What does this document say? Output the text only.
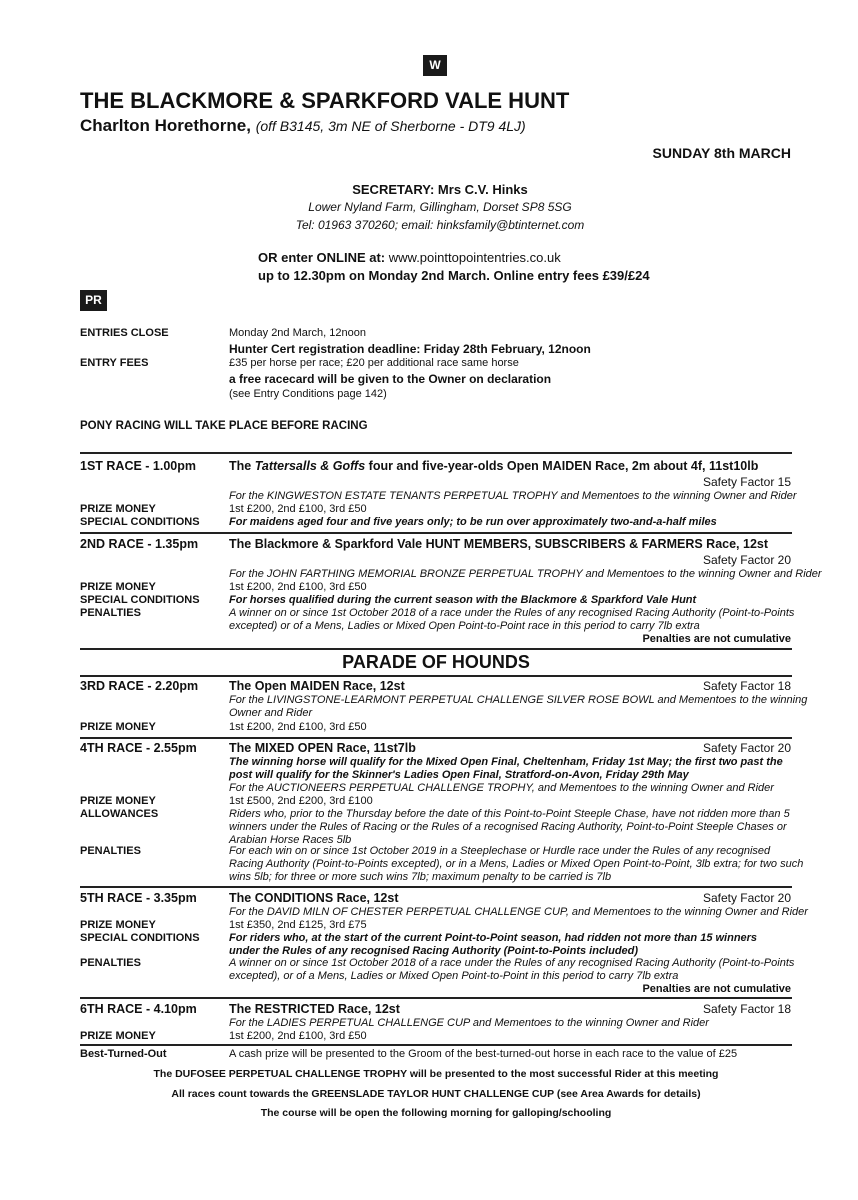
W
THE BLACKMORE & SPARKFORD VALE HUNT
Charlton Horethorne, (off B3145, 3m NE of Sherborne - DT9 4LJ)
SUNDAY 8th MARCH
SECRETARY: Mrs C.V. Hinks
Lower Nyland Farm, Gillingham, Dorset SP8 5SG
Tel: 01963 370260; email: hinksfamily@btinternet.com
OR enter ONLINE at: www.pointtopointentries.co.uk
up to 12.30pm on Monday 2nd March. Online entry fees £39/£24
PR
ENTRIES CLOSE	Monday 2nd March, 12noon
Hunter Cert registration deadline: Friday 28th February, 12noon
ENTRY FEES	£35 per horse per race; £20 per additional race same horse
a free racecard will be given to the Owner on declaration
(see Entry Conditions page 142)
PONY RACING WILL TAKE PLACE BEFORE RACING
1ST RACE - 1.00pm	The Tattersalls & Goffs four and five-year-olds Open MAIDEN Race, 2m about 4f, 11st10lb
Safety Factor 15
For the KINGWESTON ESTATE TENANTS PERPETUAL TROPHY and Mementoes to the winning Owner and Rider
PRIZE MONEY	1st £200, 2nd £100, 3rd £50
SPECIAL CONDITIONS	For maidens aged four and five years only; to be run over approximately two-and-a-half miles
2ND RACE - 1.35pm The Blackmore & Sparkford Vale HUNT MEMBERS, SUBSCRIBERS & FARMERS Race, 12st
Safety Factor 20
For the JOHN FARTHING MEMORIAL BRONZE PERPETUAL TROPHY and Mementoes to the winning Owner and Rider
PRIZE MONEY	1st £200, 2nd £100, 3rd £50
SPECIAL CONDITIONS	For horses qualified during the current season with the Blackmore & Sparkford Vale Hunt
PENALTIES	A winner on or since 1st October 2018 of a race under the Rules of any recognised Racing Authority (Point-to-Points
excepted) or of a Mens, Ladies or Mixed Open Point-to-Point race in this period to carry 7lb extra
Penalties are not cumulative
PARADE OF HOUNDS
3RD RACE - 2.20pm The Open MAIDEN Race, 12st	Safety Factor 18
For the LIVINGSTONE-LEARMONT PERPETUAL CHALLENGE SILVER ROSE BOWL and Mementoes to the winning
Owner and Rider
PRIZE MONEY	1st £200, 2nd £100, 3rd £50
4TH RACE - 2.55pm	The MIXED OPEN Race, 11st7lb	Safety Factor 20
The winning horse will qualify for the Mixed Open Final, Cheltenham, Friday 1st May; the first two past the
post will qualify for the Skinner's Ladies Open Final, Stratford-on-Avon, Friday 29th May
For the AUCTIONEERS PERPETUAL CHALLENGE TROPHY, and Mementoes to the winning Owner and Rider
PRIZE MONEY	1st £500, 2nd £200, 3rd £100
ALLOWANCES	Riders who, prior to the Thursday before the date of this Point-to-Point Steeple Chase, have not ridden more than 5
winners under the Rules of Racing or the Rules of a recognised Racing Authority, Point-to-Point Steeple Chases or
Arabian Horse Races 5lb
PENALTIES	For each win on or since 1st October 2019 in a Steeplechase or Hurdle race under the Rules of any recognised
Racing Authority (Point-to-Points excepted), or in a Mens, Ladies or Mixed Open Point-to-Point, 3lb extra; for two such
wins 5lb; for three or more such wins 7lb; maximum penalty to be carried is 7lb
5TH RACE - 3.35pm	The CONDITIONS Race, 12st	Safety Factor 20
For the DAVID MILN OF CHESTER PERPETUAL CHALLENGE CUP, and Mementoes to the winning Owner and Rider
PRIZE MONEY	1st £350, 2nd £125, 3rd £75
SPECIAL CONDITIONS	For riders who, at the start of the current Point-to-Point season, had ridden not more than 15 winners
under the Rules of any recognised Racing Authority (Point-to-Points included)
PENALTIES	A winner on or since 1st October 2018 of a race under the Rules of any recognised Racing Authority (Point-to-Points
excepted), or of a Mens, Ladies or Mixed Open Point-to-Point in this period to carry 7lb extra
Penalties are not cumulative
6TH RACE - 4.10pm	The RESTRICTED Race, 12st	Safety Factor 18
For the LADIES PERPETUAL CHALLENGE CUP and Mementoes to the winning Owner and Rider
PRIZE MONEY	1st £200, 2nd £100, 3rd £50
Best-Turned-Out	A cash prize will be presented to the Groom of the best-turned-out horse in each race to the value of £25
The DUFOSEE PERPETUAL CHALLENGE TROPHY will be presented to the most successful Rider at this meeting
All races count towards the GREENSLADE TAYLOR HUNT CHALLENGE CUP (see Area Awards for details)
The course will be open the following morning for galloping/schooling
